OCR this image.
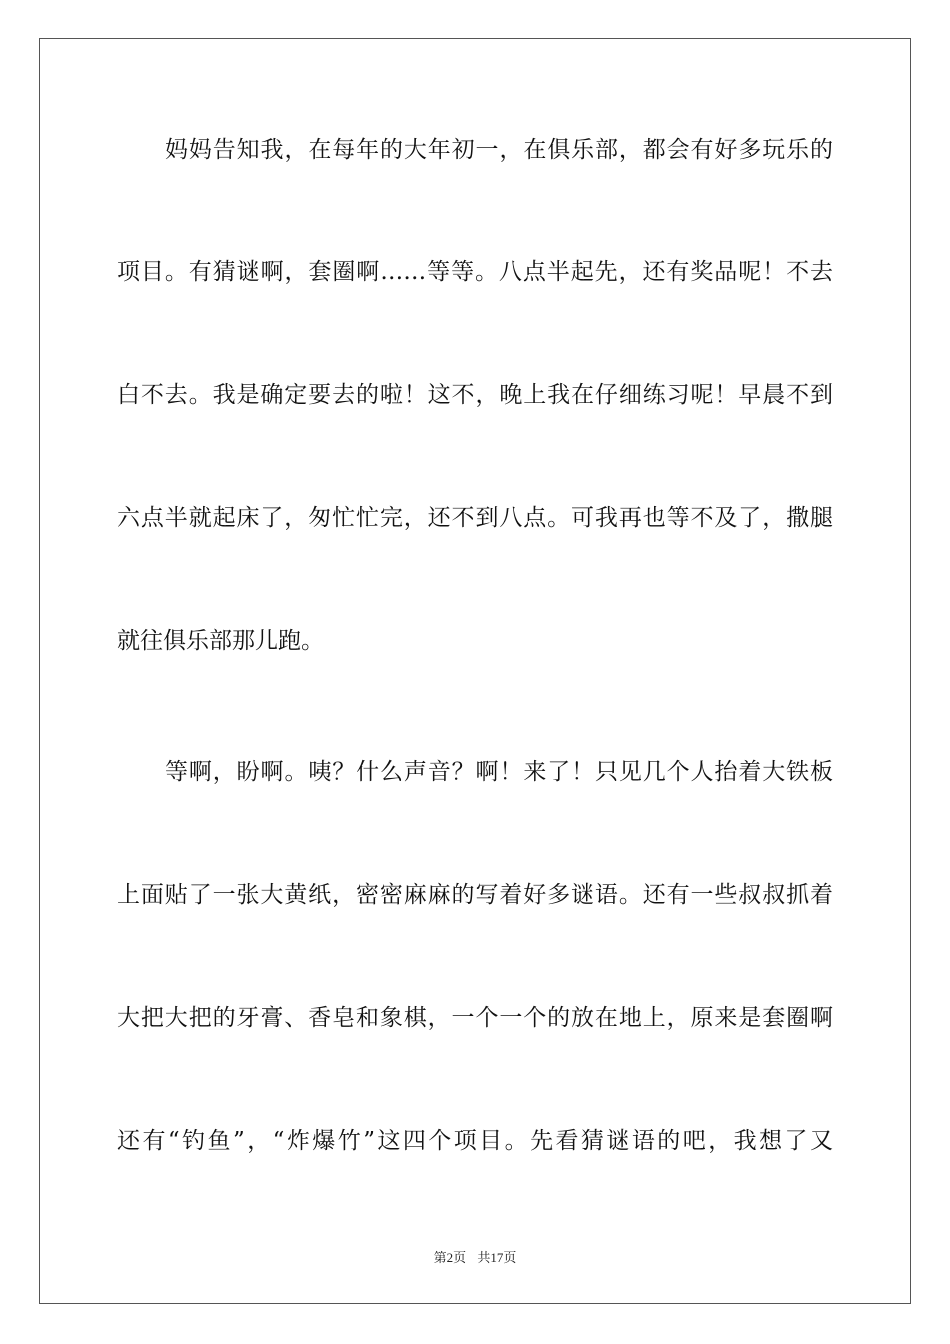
妈妈告知我，在每年的大年初一，在俱乐部，都会有好多玩乐的
项目。有猜谜啊，套圈啊……等等。八点半起先，还有奖品呢！不去
白不去。我是确定要去的啦！这不，晚上我在仔细练习呢！早晨不到
六点半就起床了，匆忙忙完，还不到八点。可我再也等不及了，撒腿
就往俱乐部那儿跑。
等啊，盼啊。咦？什么声音？啊！来了！只见几个人抬着大铁板
上面贴了一张大黄纸，密密麻麻的写着好多谜语。还有一些叔叔抓着
大把大把的牙膏、香皂和象棋，一个一个的放在地上，原来是套圈啊
还有“钓鱼”，“炸爆竹”这四个项目。先看猜谜语的吧，我想了又
第2页 共17页
